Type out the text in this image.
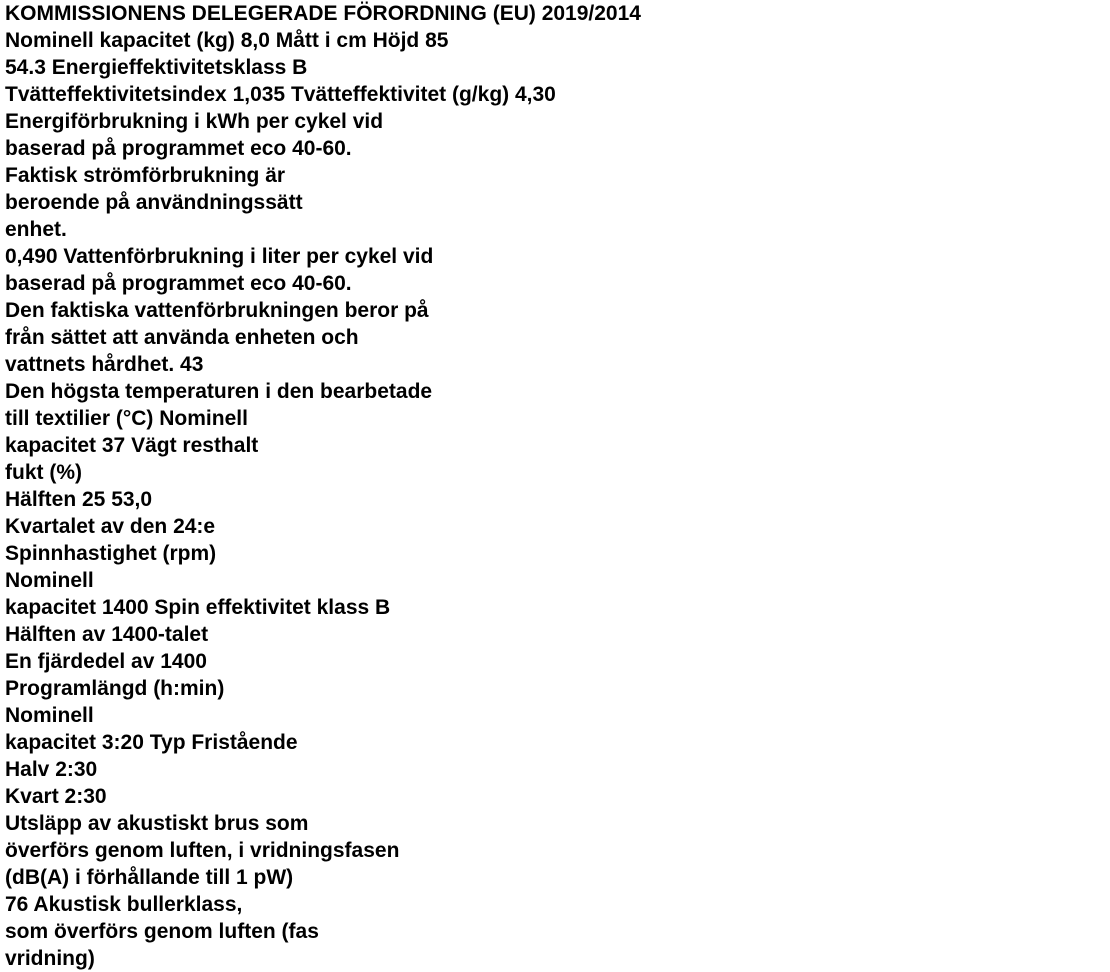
KOMMISSIONENS DELEGERADE FÖRORDNING (EU) 2019/2014

Nominell kapacitet (kg) 8,0 Mått i cm Höjd 85

54.3 Energieffektivitetsklass B

Tvätteffektivitetsindex 1,035 Tvätteffektivitet (g/kg) 4,30

Energiförbrukning i kWh per cykel vid

baserad på programmet eco 40-60.

Faktisk strömförbrukning är

beroende på användningssätt

enhet.

0,490 Vattenförbrukning i liter per cykel vid

baserad på programmet eco 40-60.

Den faktiska vattenförbrukningen beror på

från sättet att använda enheten och

vattnets hårdhet. 43

Den högsta temperaturen i den bearbetade

till textilier (°C) Nominell

kapacitet 37 Vägt resthalt

fukt (%)

Hälften 25 53,0

Kvartalet av den 24:e

Spinnhastighet (rpm)

Nominell

kapacitet 1400 Spin effektivitet klass B

Hälften av 1400-talet

En fjärdedel av 1400

Programlängd (h:min)

Nominell

kapacitet 3:20 Typ Fristående

Halv 2:30

Kvart 2:30

Utsläpp av akustiskt brus som

överförs genom luften, i vridningsfasen

(dB(A) i förhållande till 1 pW)

76 Akustisk bullerklass,

som överförs genom luften (fas

vridning)
